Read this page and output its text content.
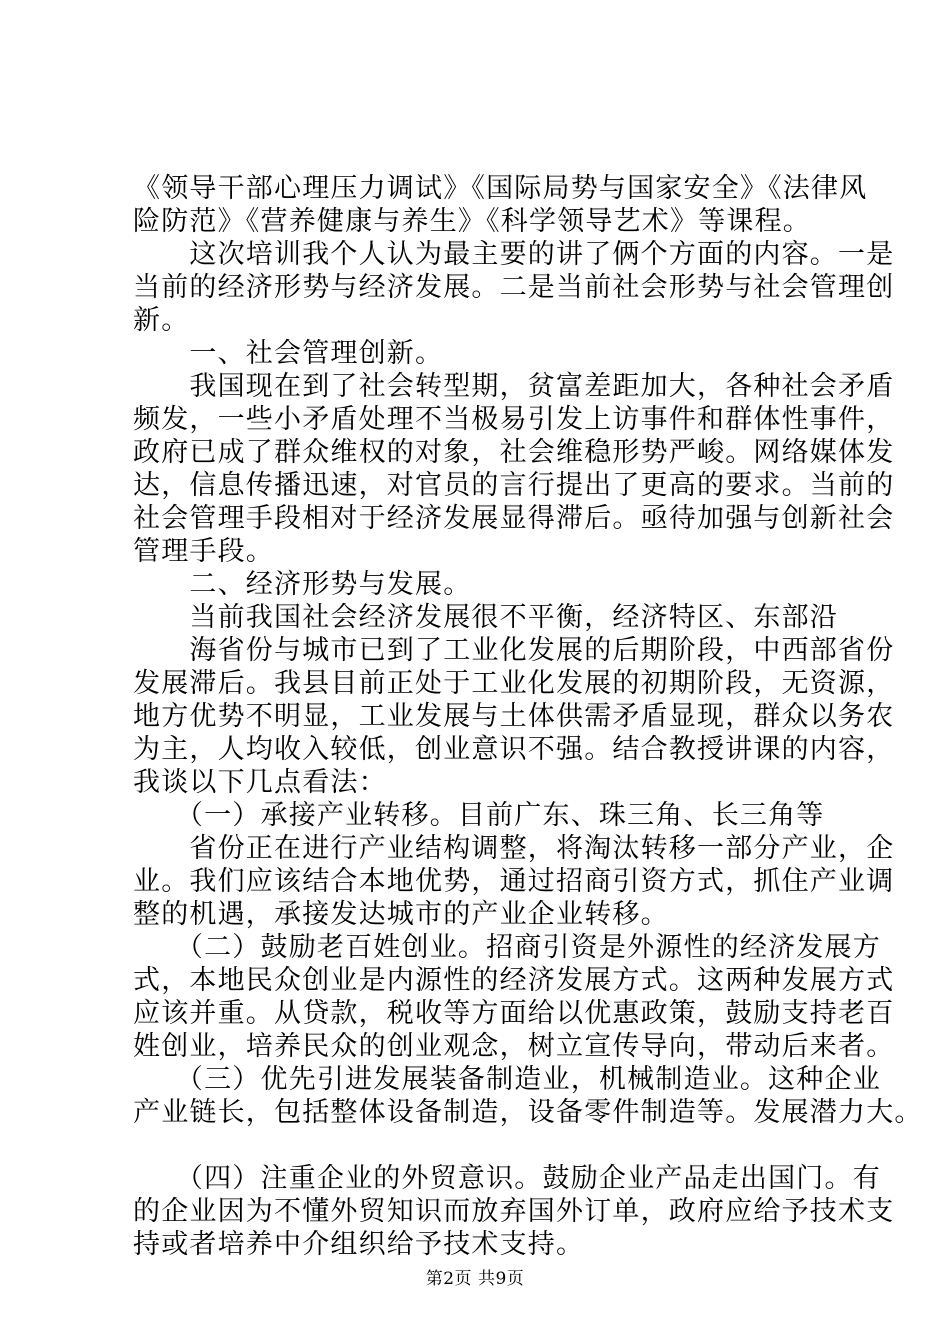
《领导干部心理压力调试》《国际局势与国家安全》《法律风
险防范》《营养健康与养生》《科学领导艺术》等课程。
　　这次培训我个人认为最主要的讲了俩个方面的内容。一是
当前的经济形势与经济发展。二是当前社会形势与社会管理创
新。
　　一、社会管理创新。
　　我国现在到了社会转型期，贫富差距加大，各种社会矛盾
频发，一些小矛盾处理不当极易引发上访事件和群体性事件，
政府已成了群众维权的对象，社会维稳形势严峻。网络媒体发
达，信息传播迅速，对官员的言行提出了更高的要求。当前的
社会管理手段相对于经济发展显得滞后。亟待加强与创新社会
管理手段。
　　二、经济形势与发展。
　　当前我国社会经济发展很不平衡，经济特区、东部沿
　　海省份与城市已到了工业化发展的后期阶段，中西部省份
发展滞后。我县目前正处于工业化发展的初期阶段，无资源，
地方优势不明显，工业发展与土体供需矛盾显现，群众以务农
为主，人均收入较低，创业意识不强。结合教授讲课的内容，
我谈以下几点看法：
　　（一）承接产业转移。目前广东、珠三角、长三角等
　　省份正在进行产业结构调整，将淘汰转移一部分产业，企
业。我们应该结合本地优势，通过招商引资方式，抓住产业调
整的机遇，承接发达城市的产业企业转移。
　　（二）鼓励老百姓创业。招商引资是外源性的经济发展方
式，本地民众创业是内源性的经济发展方式。这两种发展方式
应该并重。从贷款，税收等方面给以优惠政策，鼓励支持老百
姓创业，培养民众的创业观念，树立宣传导向，带动后来者。
　　（三）优先引进发展装备制造业，机械制造业。这种企业
产业链长，包括整体设备制造，设备零件制造等。发展潜力大。
　　（四）注重企业的外贸意识。鼓励企业产品走出国门。有
的企业因为不懂外贸知识而放弃国外订单，政府应给予技术支
持或者培养中介组织给予技术支持。
第2页 共9页
